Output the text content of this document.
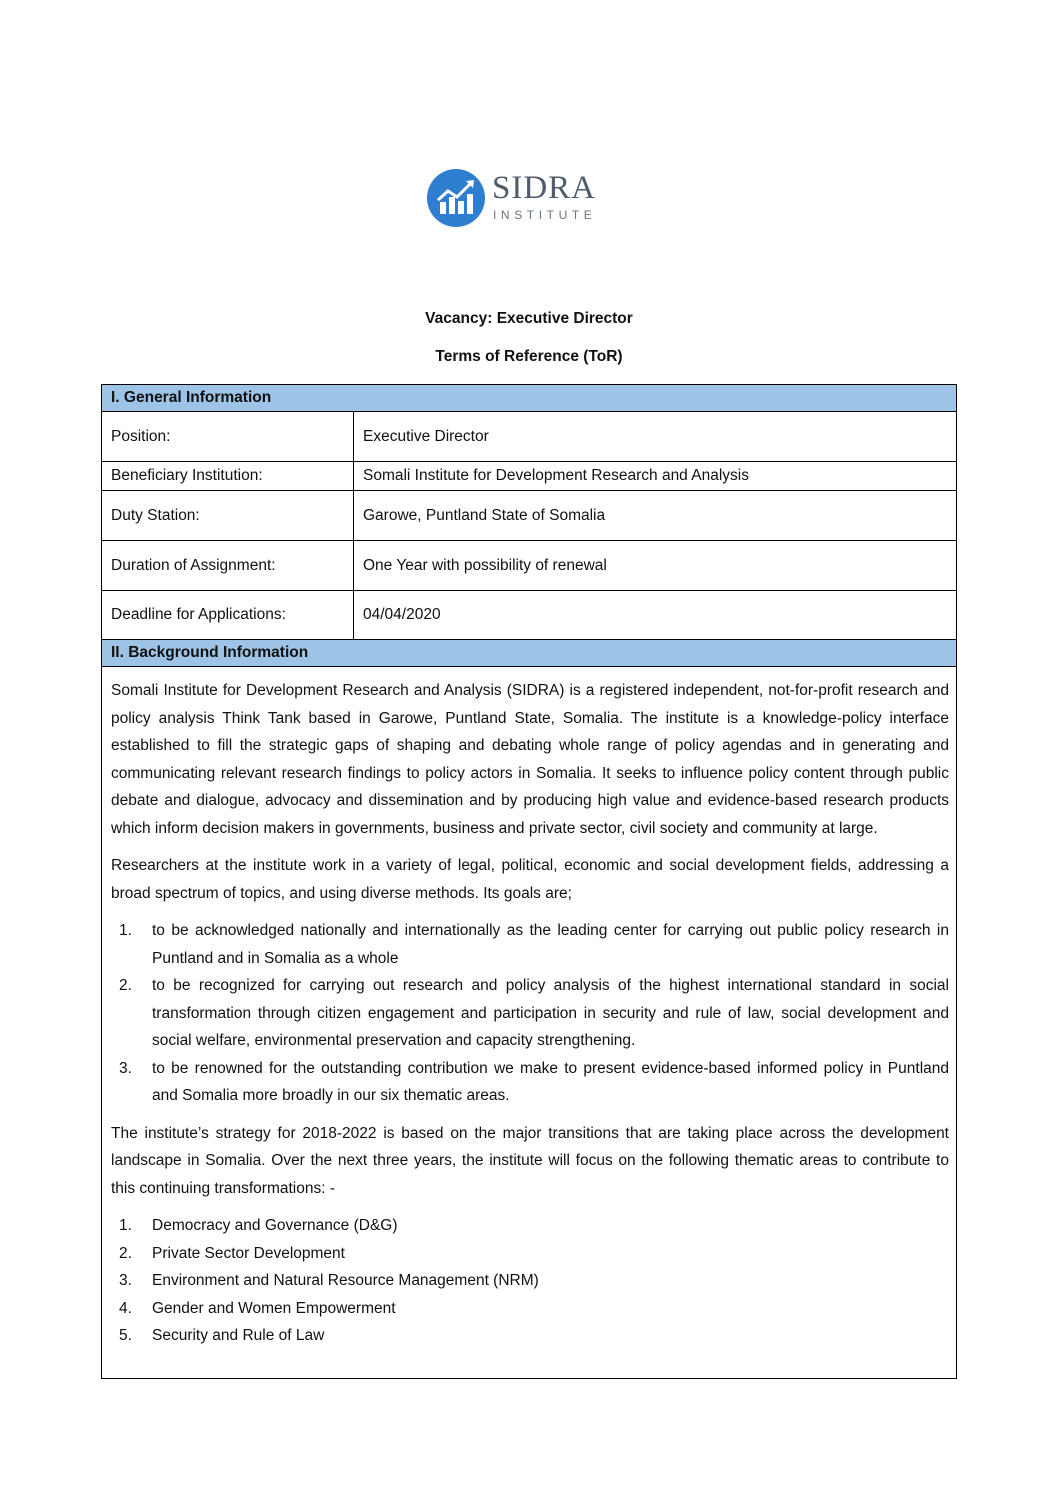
SIDRA
INSTITUTE
Vacancy: Executive Director
Terms of Reference (ToR)
I. General Information
Position:	Executive Director
Beneficiary Institution:	Somali Institute for Development Research and Analysis
Duty Station:	Garowe, Puntland State of Somalia
Duration of Assignment:	One Year with possibility of renewal
Deadline for Applications:	04/04/2020
II. Background Information

Somali Institute for Development Research and Analysis (SIDRA) is a registered independent, not-for-profit research and policy analysis Think Tank based in Garowe, Puntland State, Somalia. The institute is a knowledge-policy interface established to fill the strategic gaps of shaping and debating whole range of policy agendas and in generating and communicating relevant research findings to policy actors in Somalia. It seeks to influence policy content through public debate and dialogue, advocacy and dissemination and by producing high value and evidence-based research products which inform decision makers in governments, business and private sector, civil society and community at large.

Researchers at the institute work in a variety of legal, political, economic and social development fields, addressing a broad spectrum of topics, and using diverse methods. Its goals are;

1. to be acknowledged nationally and internationally as the leading center for carrying out public policy research in Puntland and in Somalia as a whole
2. to be recognized for carrying out research and policy analysis of the highest international standard in social transformation through citizen engagement and participation in security and rule of law, social development and social welfare, environmental preservation and capacity strengthening.
3. to be renowned for the outstanding contribution we make to present evidence-based informed policy in Puntland and Somalia more broadly in our six thematic areas.

The institute’s strategy for 2018-2022 is based on the major transitions that are taking place across the development landscape in Somalia. Over the next three years, the institute will focus on the following thematic areas to contribute to this continuing transformations: -

1. Democracy and Governance (D&G)
2. Private Sector Development
3. Environment and Natural Resource Management (NRM)
4. Gender and Women Empowerment
5. Security and Rule of Law
